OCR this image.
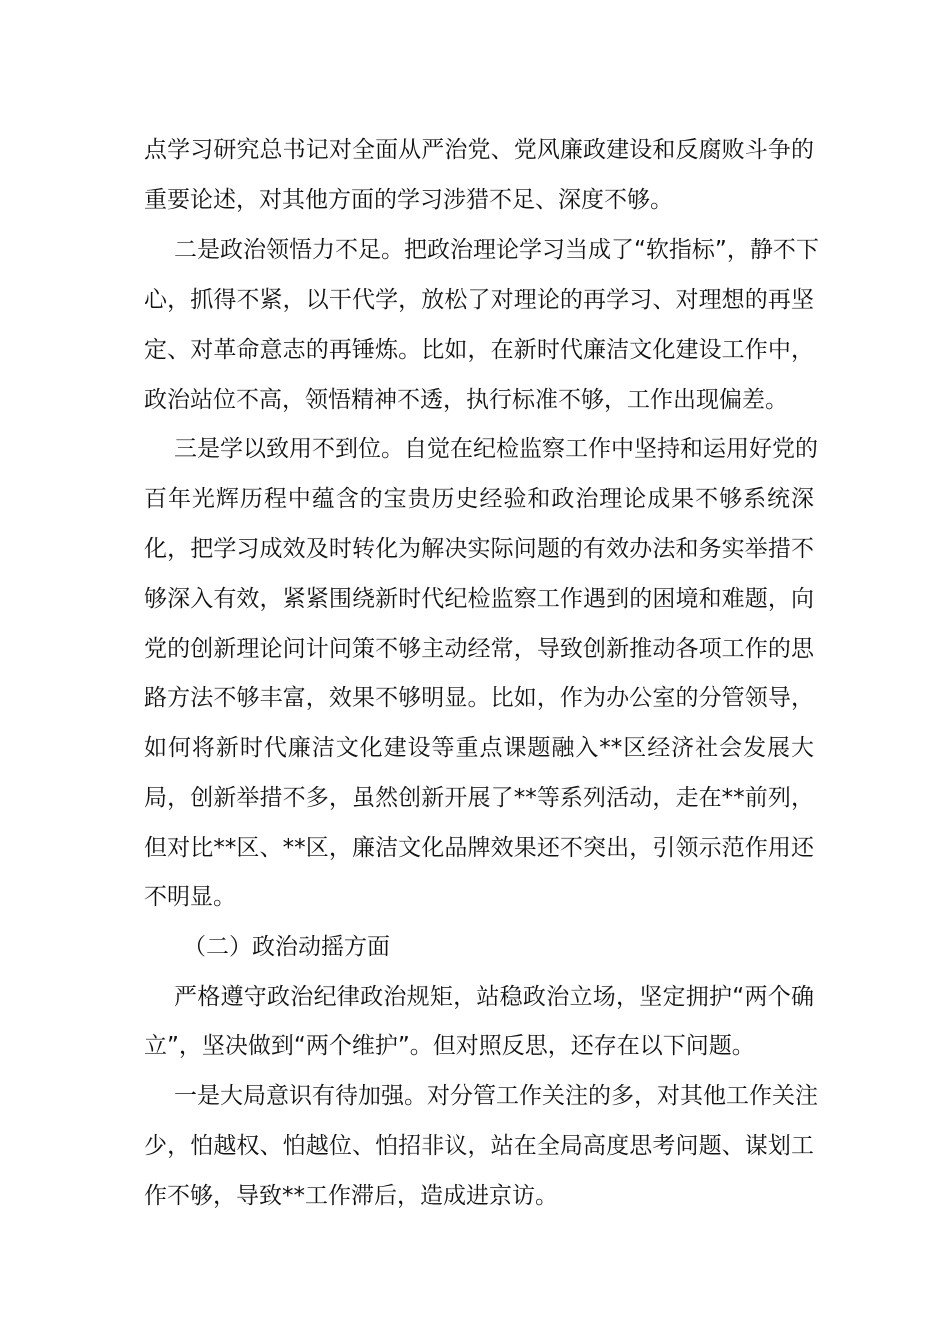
点学习研究总书记对全面从严治党、党风廉政建设和反腐败斗争的
重要论述，对其他方面的学习涉猎不足、深度不够。
二是政治领悟力不足。把政治理论学习当成了“软指标”，静不下
心，抓得不紧，以干代学，放松了对理论的再学习、对理想的再坚
定、对革命意志的再锤炼。比如，在新时代廉洁文化建设工作中，
政治站位不高，领悟精神不透，执行标准不够，工作出现偏差。
三是学以致用不到位。自觉在纪检监察工作中坚持和运用好党的
百年光辉历程中蕴含的宝贵历史经验和政治理论成果不够系统深
化，把学习成效及时转化为解决实际问题的有效办法和务实举措不
够深入有效，紧紧围绕新时代纪检监察工作遇到的困境和难题，向
党的创新理论问计问策不够主动经常，导致创新推动各项工作的思
路方法不够丰富，效果不够明显。比如，作为办公室的分管领导，
如何将新时代廉洁文化建设等重点课题融入**区经济社会发展大
局，创新举措不多，虽然创新开展了**等系列活动，走在**前列，
但对比**区、**区，廉洁文化品牌效果还不突出，引领示范作用还
不明显。
（二）政治动摇方面
严格遵守政治纪律政治规矩，站稳政治立场，坚定拥护“两个确
立”，坚决做到“两个维护”。但对照反思，还存在以下问题。
一是大局意识有待加强。对分管工作关注的多，对其他工作关注
少，怕越权、怕越位、怕招非议，站在全局高度思考问题、谋划工
作不够，导致**工作滞后，造成进京访。
